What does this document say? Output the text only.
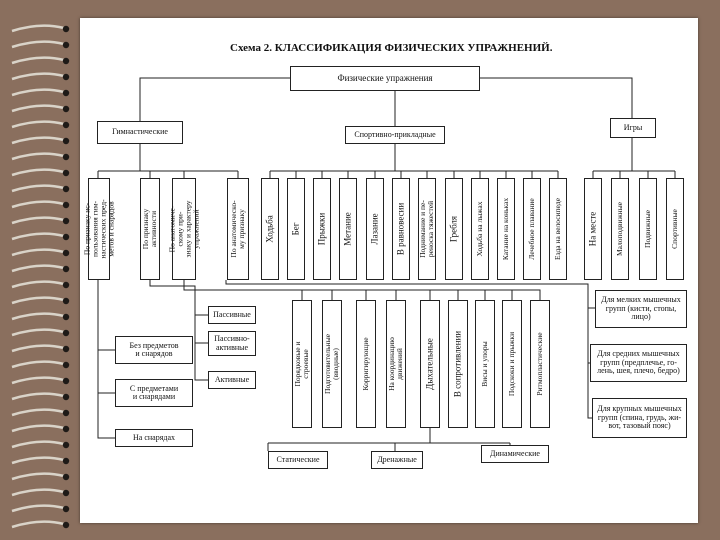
Схема 2. КЛАССИФИКАЦИЯ ФИЗИЧЕСКИХ УПРАЖНЕНИЙ.
Физические упражнения
Гимнастические	Спортивно-прикладные
Игры
По признаку ис-
пользования гим-
настических пред-
метов и снарядов
По признаку
активности
По анатомиче-
скому при-
знаку и характеру
упражнений
По анатомическо-
му признаку Ходьба Бег Прыжки Метание Лазание В равновесии Поднимание и пе-
реноска тяжестей Гребля Ходьба на лыжах Катание на коньках Лечебное плавание Езда на велосипеде	На месте Малоподвижные	Подвижные Спортивные
Без предметов
и снарядов
С предметами
и снарядами
На снарядах
Пассивные
Пассивно-
активные
Активные	Порядковые и
строевые Подготовительные
(вводные)	Корригирующие На координацию
движений Дыхательные В сопротивлении Висы и упоры Подскоки и прыжки	Ритмопластические
Статические	Дренажные
Динамические
Для мелких мышечных
групп (кисти, стопы,
лицо)
Для средних мышечных
групп (предплечье, го-
лень, шея, плечо, бедро)
Для крупных мышечных
групп (спина, грудь, жи-
вот, тазовый пояс)
